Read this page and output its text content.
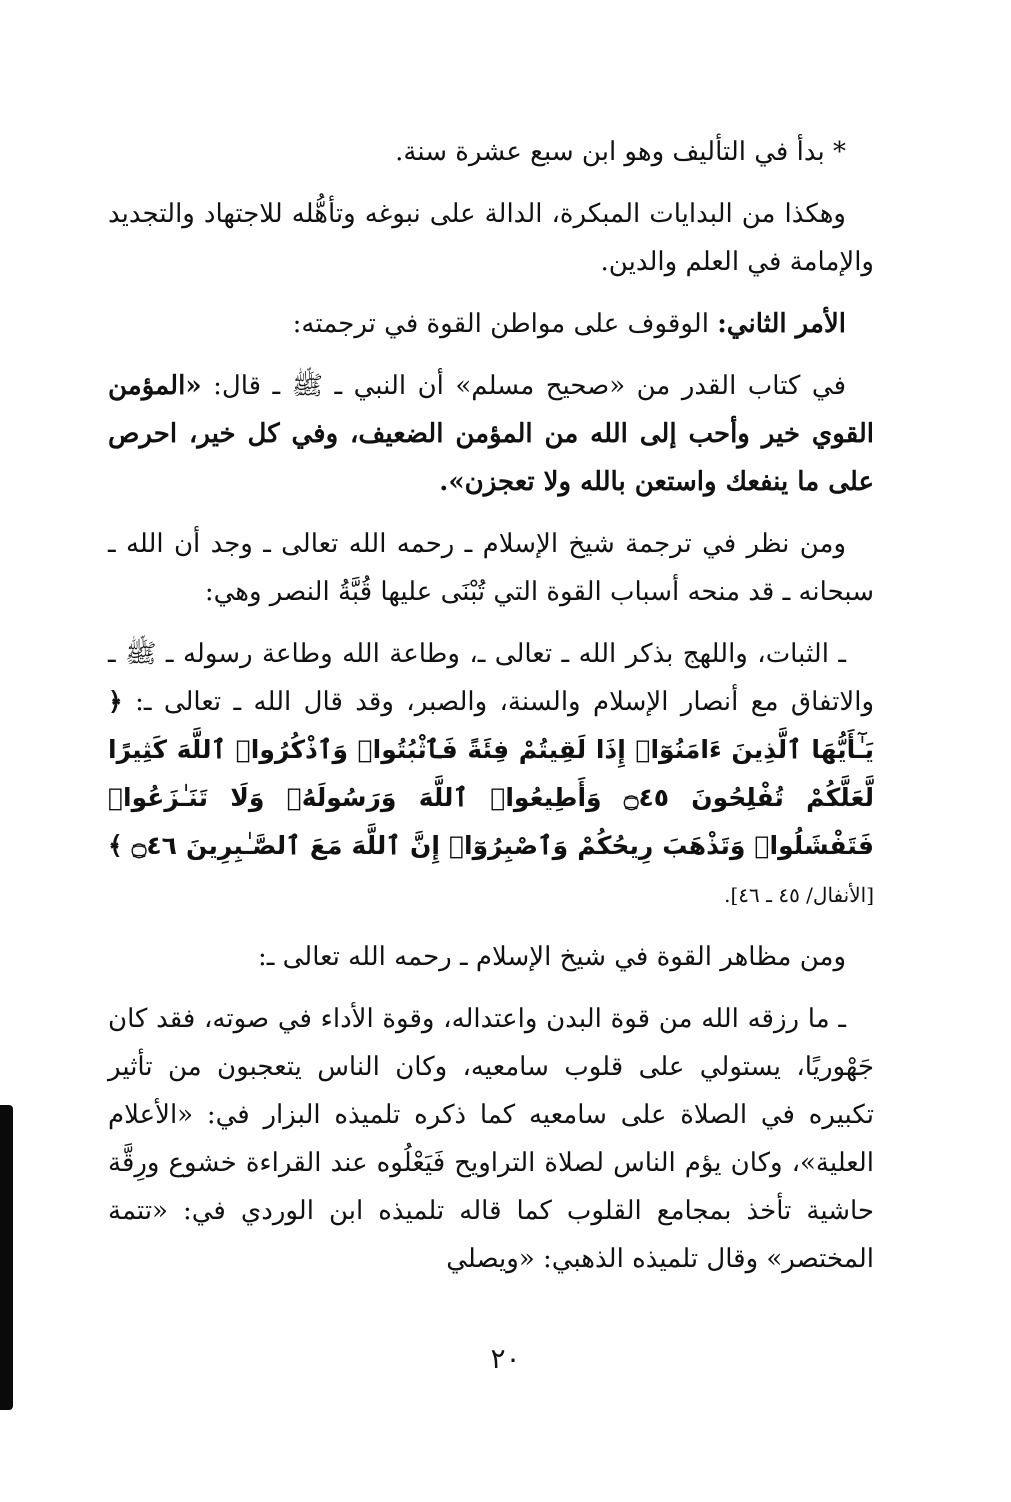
* بدأ في التأليف وهو ابن سبع عشرة سنة.

وهكذا من البدايات المبكرة، الدالة على نبوغه وتأهُّله للاجتهاد والتجديد والإمامة في العلم والدين.

الأمر الثاني: الوقوف على مواطن القوة في ترجمته:

في كتاب القدر من «صحيح مسلم» أن النبي ـ ﷺ ـ قال: «المؤمن القوي خير وأحب إلى الله من المؤمن الضعيف، وفي كل خير، احرص على ما ينفعك واستعن بالله ولا تعجزن».

ومن نظر في ترجمة شيخ الإسلام ـ رحمه الله تعالى ـ وجد أن الله ـ سبحانه ـ قد منحه أسباب القوة التي تُبْنَى عليها قُبَّةُ النصر وهي:

ـ الثبات، واللهج بذكر الله ـ تعالى ـ، وطاعة الله وطاعة رسوله ـ ﷺ ـ والاتفاق مع أنصار الإسلام والسنة، والصبر، وقد قال الله ـ تعالى ـ: ﴿ يَـٰٓأَيُّهَا ٱلَّذِينَ ءَامَنُوٓا۟ إِذَا لَقِيتُمْ فِئَةً فَٱثْبُتُوا۟ وَٱذْكُرُوا۟ ٱللَّهَ كَثِيرًا لَّعَلَّكُمْ تُفْلِحُونَ ۝٤٥ وَأَطِيعُوا۟ ٱللَّهَ وَرَسُولَهُۥ وَلَا تَنَـٰزَعُوا۟ فَتَفْشَلُوا۟ وَتَذْهَبَ رِيحُكُمْ وَٱصْبِرُوٓا۟ إِنَّ ٱللَّهَ مَعَ ٱلصَّـٰبِرِينَ ۝٤٦ ﴾ [الأنفال/ ٤٥ ـ ٤٦].

ومن مظاهر القوة في شيخ الإسلام ـ رحمه الله تعالى ـ:

ـ ما رزقه الله من قوة البدن واعتداله، وقوة الأداء في صوته، فقد كان جَهْوريًا، يستولي على قلوب سامعيه، وكان الناس يتعجبون من تأثير تكبيره في الصلاة على سامعيه كما ذكره تلميذه البزار في: «الأعلام العلية»، وكان يؤم الناس لصلاة التراويح فَيَعْلُوه عند القراءة خشوع ورِقَّة حاشية تأخذ بمجامع القلوب كما قاله تلميذه ابن الوردي في: «تتمة المختصر» وقال تلميذه الذهبي: «ويصلي

٢٠
